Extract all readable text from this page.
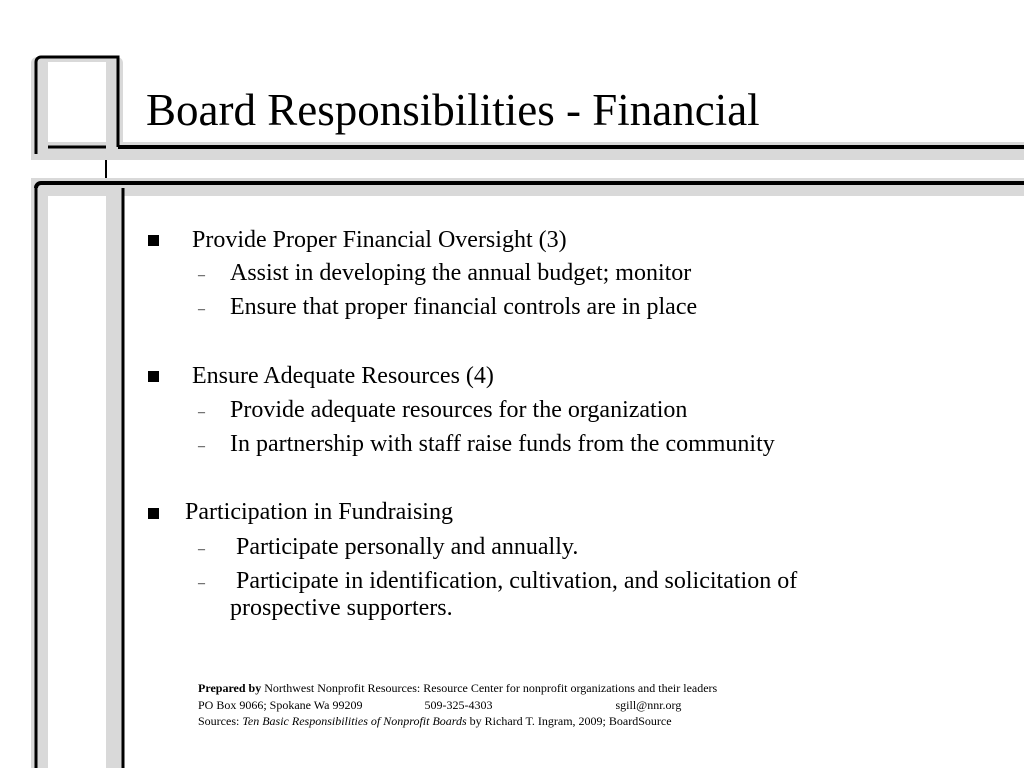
Board Responsibilities - Financial
Provide Proper Financial Oversight (3)
– Assist in developing the annual budget; monitor
– Ensure that proper financial controls are in place
Ensure Adequate Resources (4)
– Provide adequate resources for the organization
– In partnership with staff raise funds from the community
Participation in Fundraising
– Participate personally and annually.
– Participate in identification, cultivation, and solicitation of
prospective supporters.
Prepared by Northwest Nonprofit Resources: Resource Center for nonprofit organizations and their leaders
PO Box 9066; Spokane Wa 99209	509-325-4303	sgill@nnr.org
Sources: Ten Basic Responsibilities of Nonprofit Boards by Richard T. Ingram, 2009; BoardSource
